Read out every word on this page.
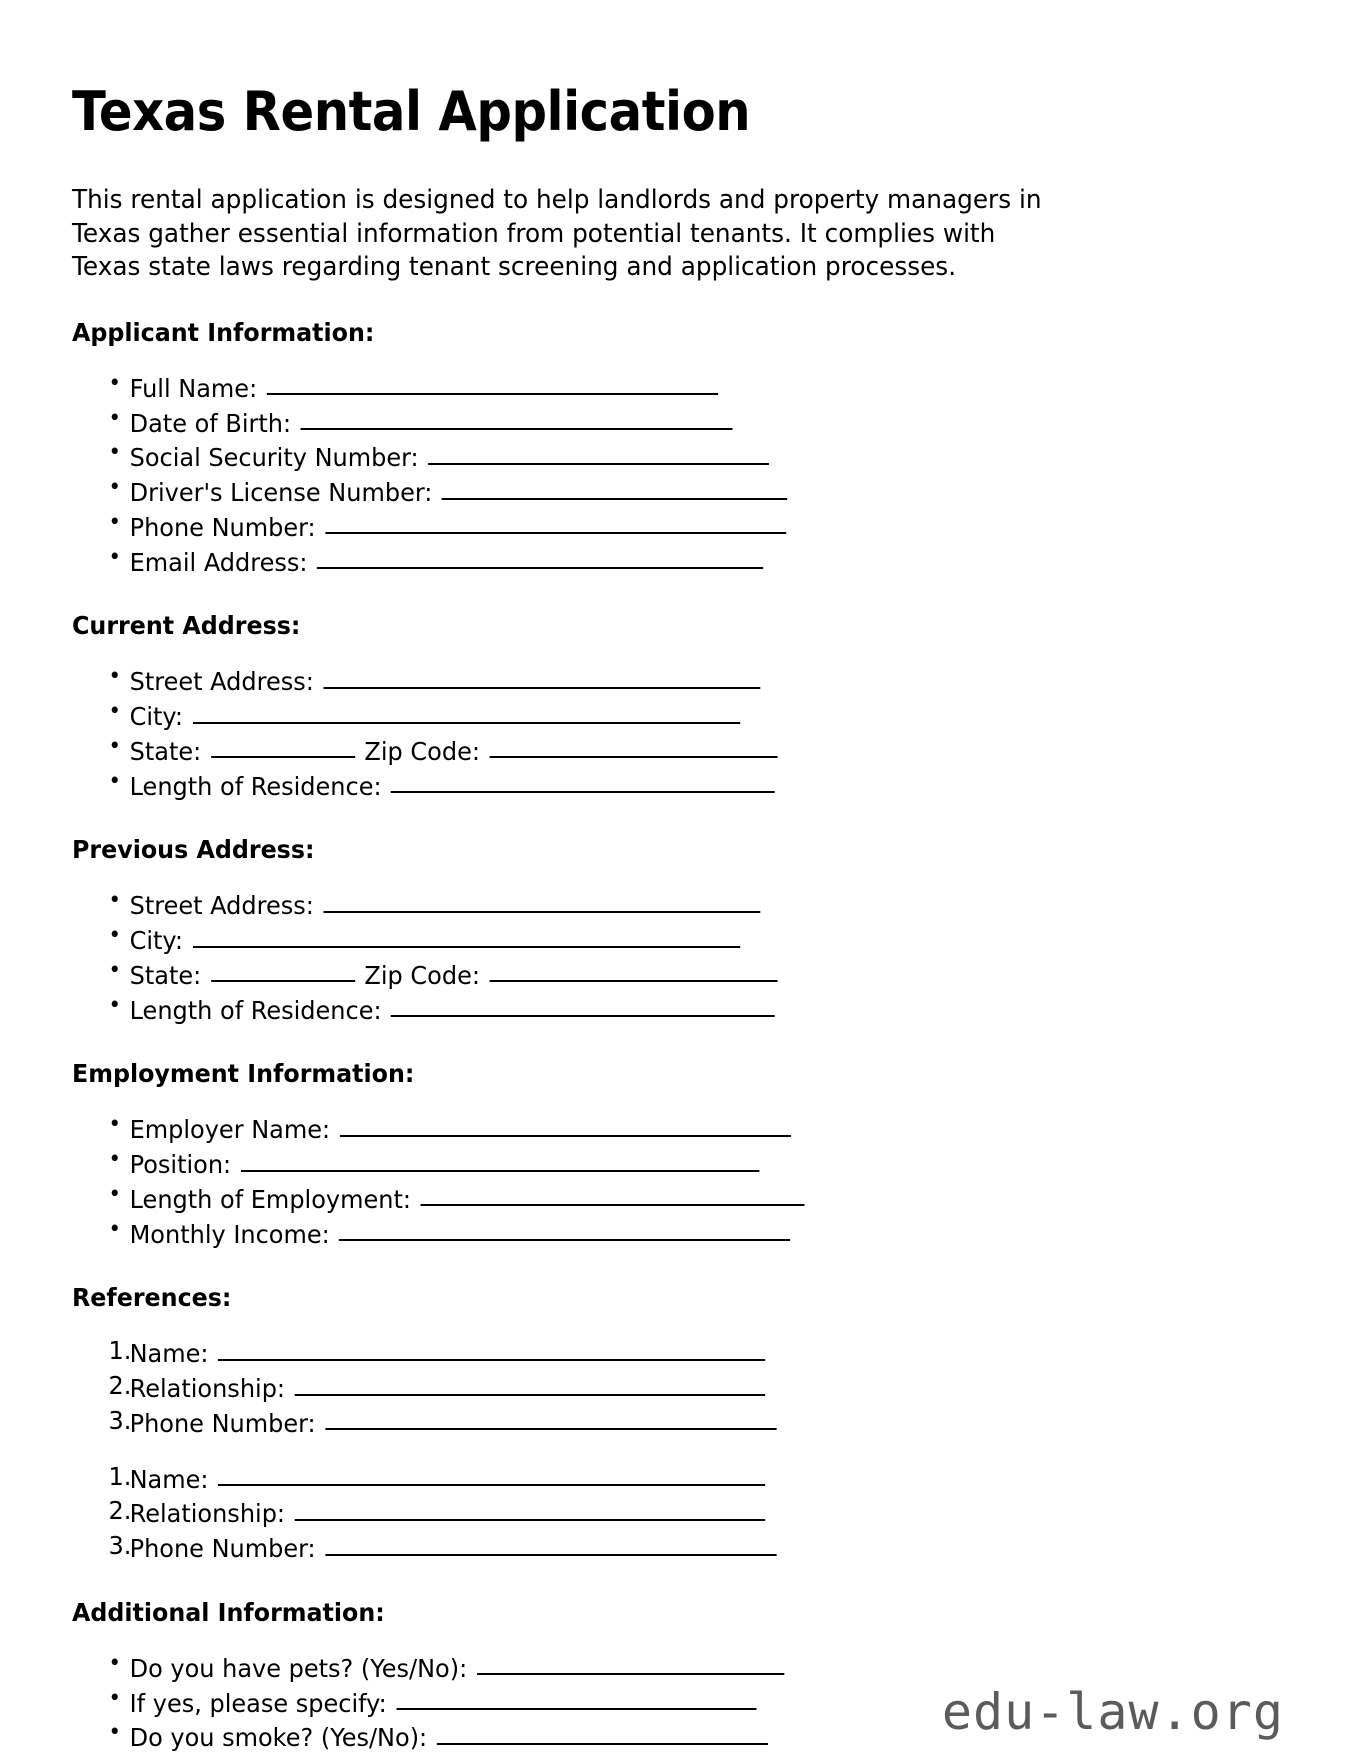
Texas Rental Application

This rental application is designed to help landlords and property managers in Texas gather essential information from potential tenants. It complies with Texas state laws regarding tenant screening and application processes.

Applicant Information:
• Full Name:
• Date of Birth:
• Social Security Number:
• Driver's License Number:
• Phone Number:
• Email Address:
Current Address:
• Street Address:
• City:
• State:	Zip Code:
• Length of Residence:
Previous Address:
• Street Address:
• City:
• State:	Zip Code:
• Length of Residence:
Employment Information:
• Employer Name:
• Position:
• Length of Employment:
• Monthly Income:
References:
1.
Name:
2.
Relationship:
3.
Phone Number:
1.
Name:
2.
Relationship:
3.
Phone Number:
Additional Information:
• Do you have pets? (Yes/No):
• If yes, please specify:
• Do you smoke? (Yes/No):	edu-law.org
